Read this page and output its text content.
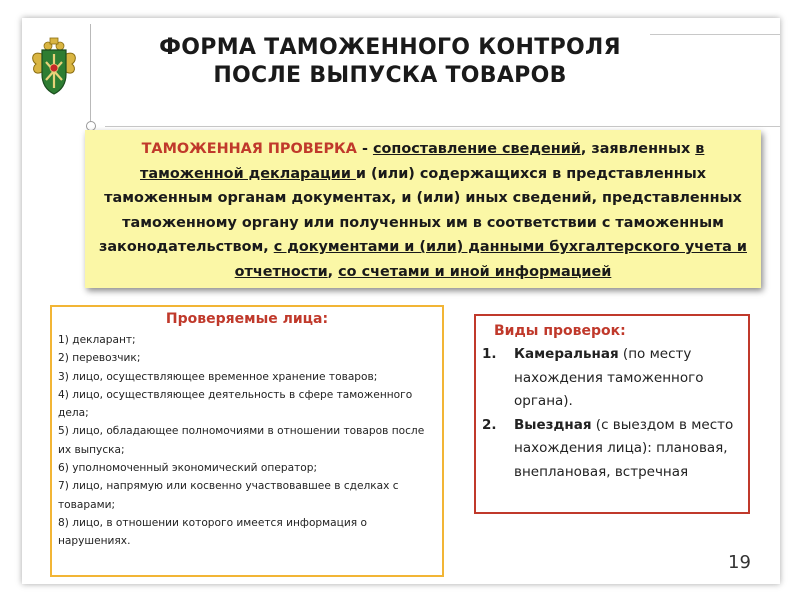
ФОРМА ТАМОЖЕННОГО КОНТРОЛЯ
ПОСЛЕ ВЫПУСКА ТОВАРОВ
ТАМОЖЕННАЯ ПРОВЕРКА - сопоставление сведений, заявленных в таможенной декларации и (или) содержащихся в представленных таможенным органам документах, и (или) иных сведений, представленных таможенному органу или полученных им в соответствии с таможенным законодательством, с документами и (или) данными бухгалтерского учета и отчетности, со счетами и иной информацией
Проверяемые лица:
1) декларант;
2) перевозчик;
3) лицо, осуществляющее временное хранение товаров;
4) лицо, осуществляющее деятельность в сфере таможенного дела;
5) лицо, обладающее полномочиями в отношении товаров после их выпуска;
6) уполномоченный экономический оператор;
7) лицо, напрямую или косвенно участвовавшее в сделках с товарами;
8) лицо, в отношении которого имеется информация о нарушениях.
Виды проверок:
1. Камеральная (по месту нахождения таможенного органа).
2. Выездная (с выездом в место нахождения лица): плановая, внеплановая, встречная
19
